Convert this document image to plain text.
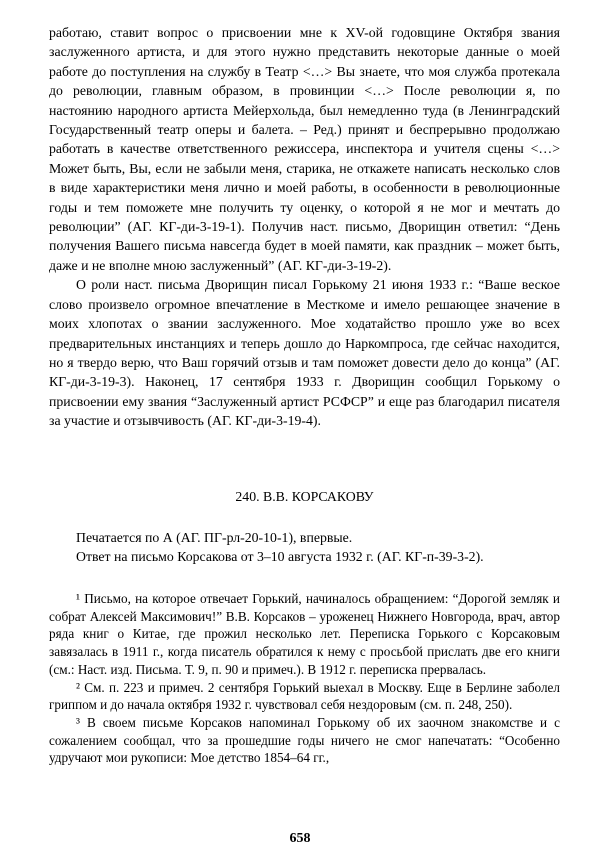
работаю, ставит вопрос о присвоении мне к XV-ой годовщине Октября звания заслуженного артиста, и для этого нужно представить некоторые данные о моей работе до поступления на службу в Театр <…> Вы знаете, что моя служба протекала до революции, главным образом, в провинции <…> После революции я, по настоянию народного артиста Мейерхольда, был немедленно туда (в Ленинградский Государственный театр оперы и балета. – Ред.) принят и беспрерывно продолжаю работать в качестве ответственного режиссера, инспектора и учителя сцены <…> Может быть, Вы, если не забыли меня, старика, не откажете написать несколько слов в виде характеристики меня лично и моей работы, в особенности в революционные годы и тем поможете мне получить ту оценку, о которой я не мог и мечтать до революции” (АГ. КГ-ди-3-19-1). Получив наст. письмо, Дворищин ответил: “День получения Вашего письма навсегда будет в моей памяти, как праздник – может быть, даже и не вполне мною заслуженный” (АГ. КГ-ди-3-19-2).

О роли наст. письма Дворищин писал Горькому 21 июня 1933 г.: “Ваше веское слово произвело огромное впечатление в Месткоме и имело решающее значение в моих хлопотах о звании заслуженного. Мое ходатайство прошло уже во всех предварительных инстанциях и теперь дошло до Наркомпроса, где сейчас находится, но я твердо верю, что Ваш горячий отзыв и там поможет довести дело до конца” (АГ. КГ-ди-3-19-3). Наконец, 17 сентября 1933 г. Дворищин сообщил Горькому о присвоении ему звания “Заслуженный артист РСФСР” и еще раз благодарил писателя за участие и отзывчивость (АГ. КГ-ди-3-19-4).

240. В.В. КОРСАКОВУ

Печатается по А (АГ. ПГ-рл-20-10-1), впервые.

Ответ на письмо Корсакова от 3–10 августа 1932 г. (АГ. КГ-п-39-3-2).

¹ Письмо, на которое отвечает Горький, начиналось обращением: “Дорогой земляк и собрат Алексей Максимович!” В.В. Корсаков – уроженец Нижнего Новгорода, врач, автор ряда книг о Китае, где прожил несколько лет. Переписка Горького с Корсаковым завязалась в 1911 г., когда писатель обратился к нему с просьбой прислать две его книги (см.: Наст. изд. Письма. Т. 9, п. 90 и примеч.). В 1912 г. переписка прервалась.

² См. п. 223 и примеч. 2 сентября Горький выехал в Москву. Еще в Берлине заболел гриппом и до начала октября 1932 г. чувствовал себя нездоровым (см. п. 248, 250).

³ В своем письме Корсаков напоминал Горькому об их заочном знакомстве и с сожалением сообщал, что за прошедшие годы ничего не смог напечатать: “Особенно удручают мои рукописи: Мое детство 1854–64 гг.,

658
